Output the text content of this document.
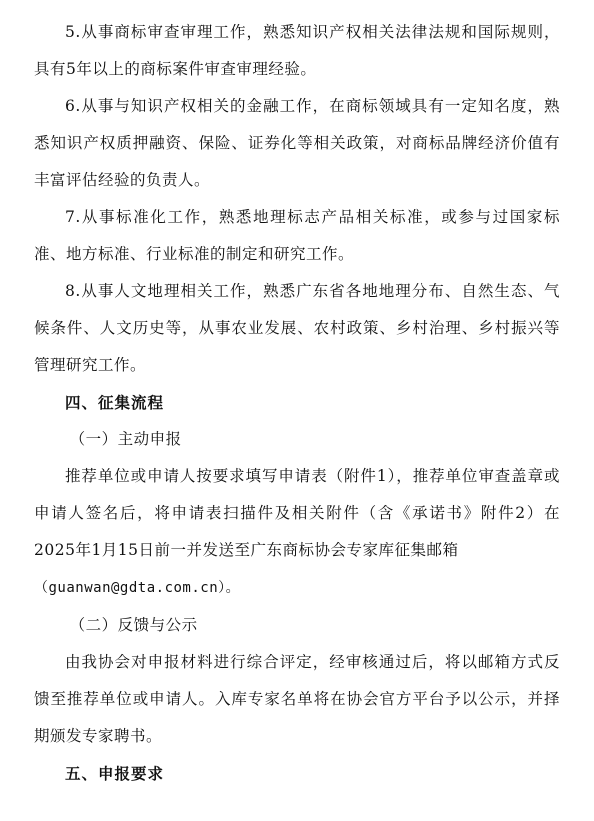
5.从事商标审查审理工作，熟悉知识产权相关法律法规和国际规则，具有5年以上的商标案件审查审理经验。

6.从事与知识产权相关的金融工作，在商标领域具有一定知名度，熟悉知识产权质押融资、保险、证券化等相关政策，对商标品牌经济价值有丰富评估经验的负责人。

7.从事标准化工作，熟悉地理标志产品相关标准，或参与过国家标准、地方标准、行业标准的制定和研究工作。

8.从事人文地理相关工作，熟悉广东省各地地理分布、自然生态、气候条件、人文历史等，从事农业发展、农村政策、乡村治理、乡村振兴等管理研究工作。

四、征集流程

（一）主动申报

推荐单位或申请人按要求填写申请表（附件1），推荐单位审查盖章或申请人签名后，将申请表扫描件及相关附件（含《承诺书》附件2）在2025年1月15日前一并发送至广东商标协会专家库征集邮箱

（guanwan@gdta.com.cn）。

（二）反馈与公示

由我协会对申报材料进行综合评定，经审核通过后，将以邮箱方式反馈至推荐单位或申请人。入库专家名单将在协会官方平台予以公示，并择期颁发专家聘书。

五、申报要求
